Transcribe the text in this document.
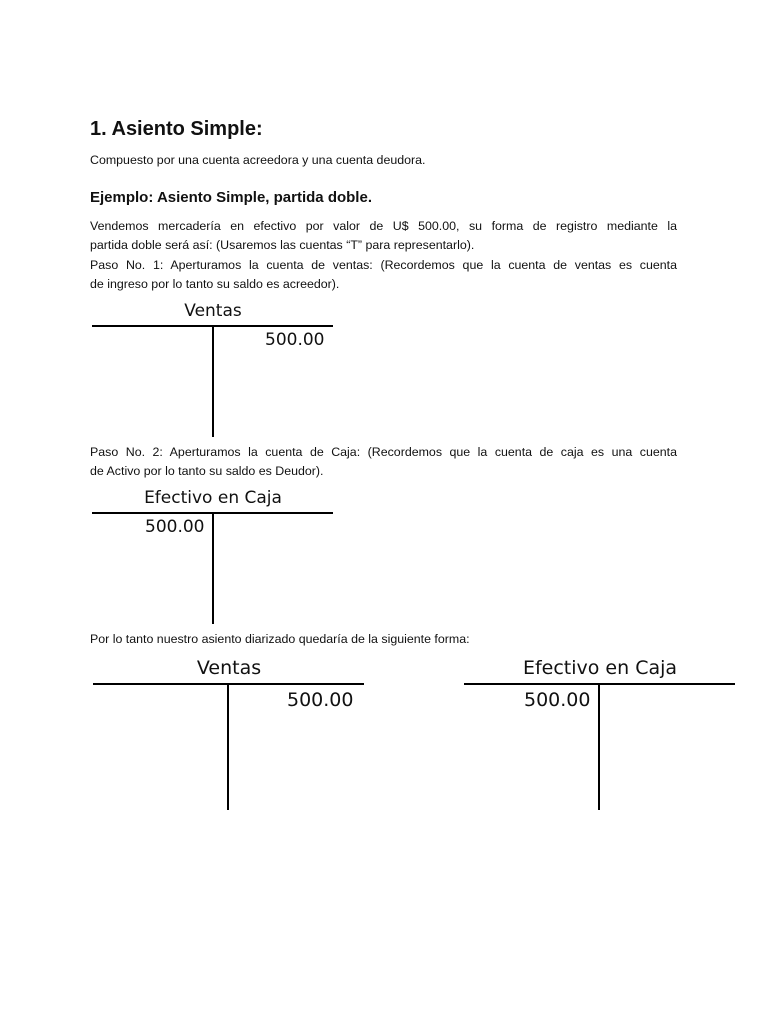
1. Asiento Simple:
Compuesto por una cuenta acreedora y una cuenta deudora.
Ejemplo: Asiento Simple, partida doble.
Vendemos mercadería en efectivo por valor de U$ 500.00, su forma de registro mediante la
partida doble será así: (Usaremos las cuentas “T” para representarlo).
Paso No. 1: Aperturamos la cuenta de ventas: (Recordemos que la cuenta de ventas es cuenta
de ingreso por lo tanto su saldo es acreedor).
Ventas
500.00
Paso No. 2: Aperturamos la cuenta de Caja: (Recordemos que la cuenta de caja es una cuenta
de Activo por lo tanto su saldo es Deudor).
Efectivo en Caja
500.00
Por lo tanto nuestro asiento diarizado quedaría de la siguiente forma:
Ventas
500.00
Efectivo en Caja
500.00
